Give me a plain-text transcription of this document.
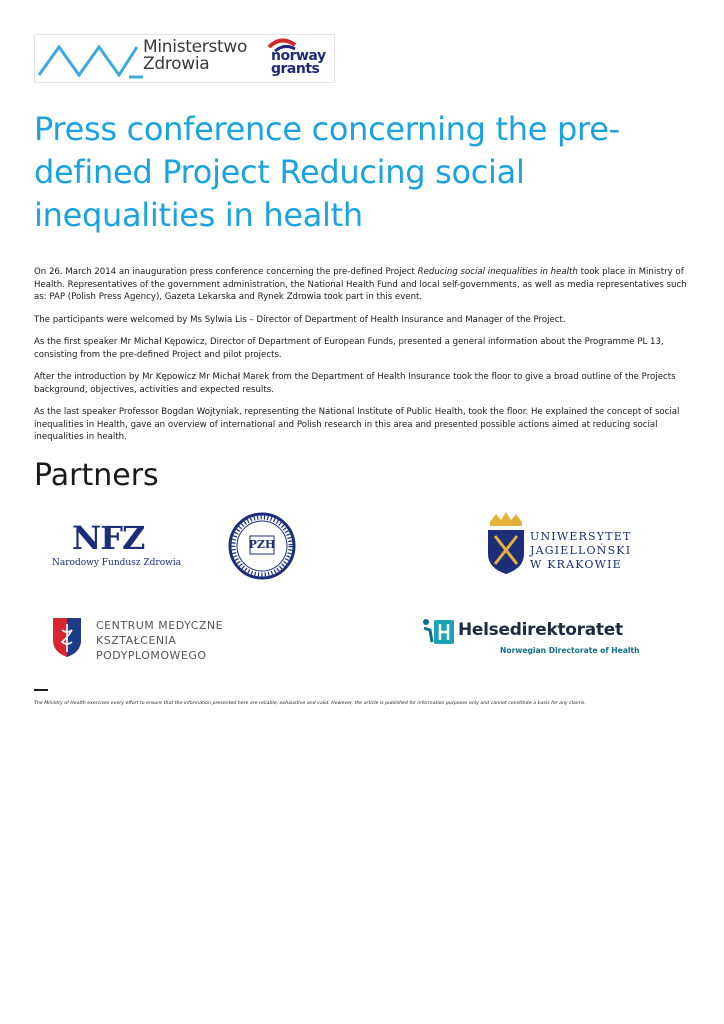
Ministerstwo
Zdrowia	norway
grants
Press conference concerning the pre-defined Project Reducing social inequalities in health

On 26. March 2014 an inauguration press conference concerning the pre-defined Project Reducing social inequalities in health took place in Ministry of Health. Representatives of the government administration, the National Health Fund and local self-governments, as well as media representatives such as: PAP (Polish Press Agency), Gazeta Lekarska and Rynek Zdrowia took part in this event.

The participants were welcomed by Ms Sylwia Lis – Director of Department of Health Insurance and Manager of the Project.

As the first speaker Mr Michał Kępowicz, Director of Department of European Funds, presented a general information about the Programme PL 13, consisting from the pre-defined Project and pilot projects.

After the introduction by Mr Kępowicz Mr Michał Marek from the Department of Health Insurance took the floor to give a broad outline of the Projects background, objectives, activities and expected results.

As the last speaker Professor Bogdan Wojtyniak, representing the National Institute of Public Health, took the floor. He explained the concept of social inequalities in Health, gave an overview of international and Polish research in this area and presented possible actions aimed at reducing social inequalities in health.

Partners
NFZ
Narodowy Fundusz Zdrowia
PZH
UNIWERSYTET
JAGIELLOŃSKI
W KRAKOWIE
CENTRUM MEDYCZNE
KSZTAŁCENIA
PODYPLOMOWEGO
Helsedirektoratet
Norwegian Directorate of Health

The Ministry of Health exercises every effort to ensure that the information presented here are reliable, exhaustive and valid. However, the article is published for information purposes only and cannot constitute a basis for any claims.
